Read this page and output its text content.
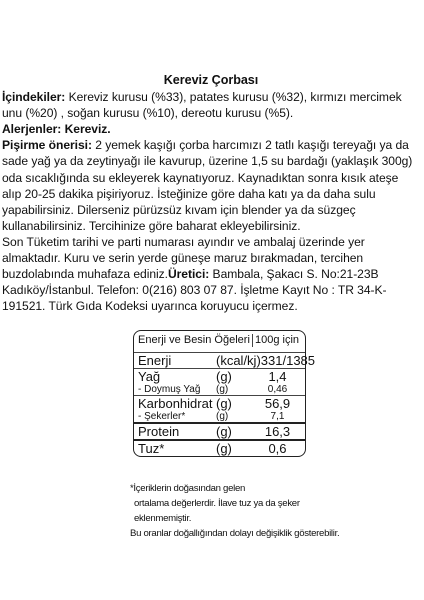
Kereviz Çorbası

İçindekiler: Kereviz kurusu (%33), patates kurusu (%32), kırmızı mercimek unu (%20) , soğan kurusu (%10), dereotu kurusu (%5).

Alerjenler: Kereviz.

Pişirme önerisi: 2 yemek kaşığı çorba harcımızı 2 tatlı kaşığı tereyağı ya da sade yağ ya da zeytinyağı ile kavurup, üzerine 1,5 su bardağı (yaklaşık 300g) oda sıcaklığında su ekleyerek kaynatıyoruz. Kaynadıktan sonra kısık ateşe alıp 20-25 dakika pişiriyoruz. İsteğinize göre daha katı ya da daha sulu yapabilirsiniz. Dilerseniz pürüzsüz kıvam için blender ya da süzgeç kullanabilirsiniz. Tercihinize göre baharat ekleyebilirsiniz.

Son Tüketim tarihi ve parti numarası ayındır ve ambalaj üzerinde yer almaktadır. Kuru ve serin yerde güneşe maruz bırakmadan, tercihen buzdolabında muhafaza ediniz.Üretici: Bambala, Şakacı S. No:21-23B Kadıköy/İstanbul. Telefon: 0(216) 803 07 87. İşletme Kayıt No : TR 34-K-191521. Türk Gıda Kodeksi uyarınca koruyucu içermez.

Enerji ve Besin Öğeleri 100g için
Enerji	(kcal/kj) 331/1385
Yağ	(g)	1,4
- Doymuş Yağ	(g)	0,46
Karbonhidrat (g)	56,9
- Şekerler*	(g)	7,1
Protein	(g)	16,3
Tuz*	(g)	0,6
*İçeriklerin doğasından gelen
ortalama değerlerdir. İlave tuz ya da şeker
eklenmemiştir.
Bu oranlar doğallığından dolayı değişiklik gösterebilir.
